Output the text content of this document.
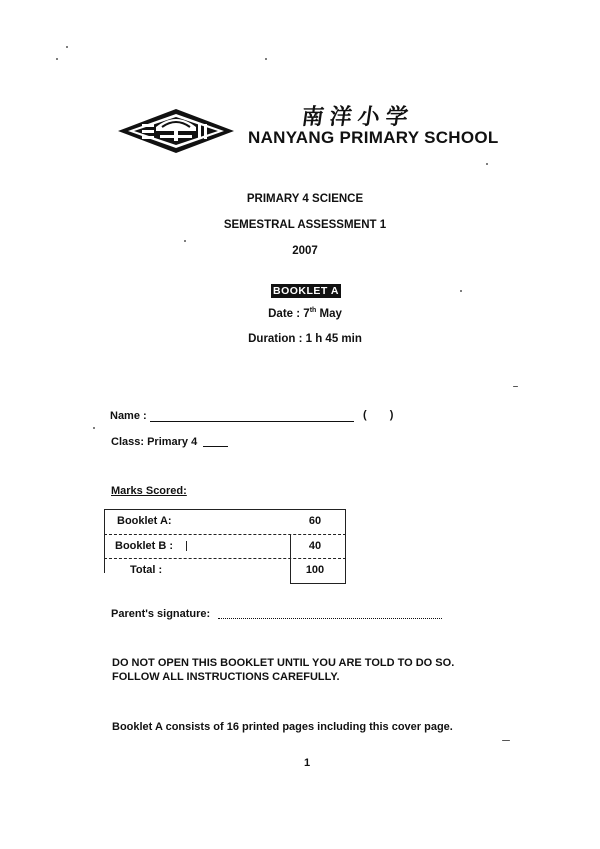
南洋小学
NANYANG PRIMARY SCHOOL
PRIMARY 4 SCIENCE
SEMESTRAL ASSESSMENT 1
2007
BOOKLET A
Date : 7th May
Duration : 1 h 45 min
Name :	( )
Class: Primary 4
Marks Scored:
Booklet A:	60
Booklet B :	40
Total :	100
Parent's signature:
DO NOT OPEN THIS BOOKLET UNTIL YOU ARE TOLD TO DO SO.
FOLLOW ALL INSTRUCTIONS CAREFULLY.
Booklet A consists of 16 printed pages including this cover page.
1
